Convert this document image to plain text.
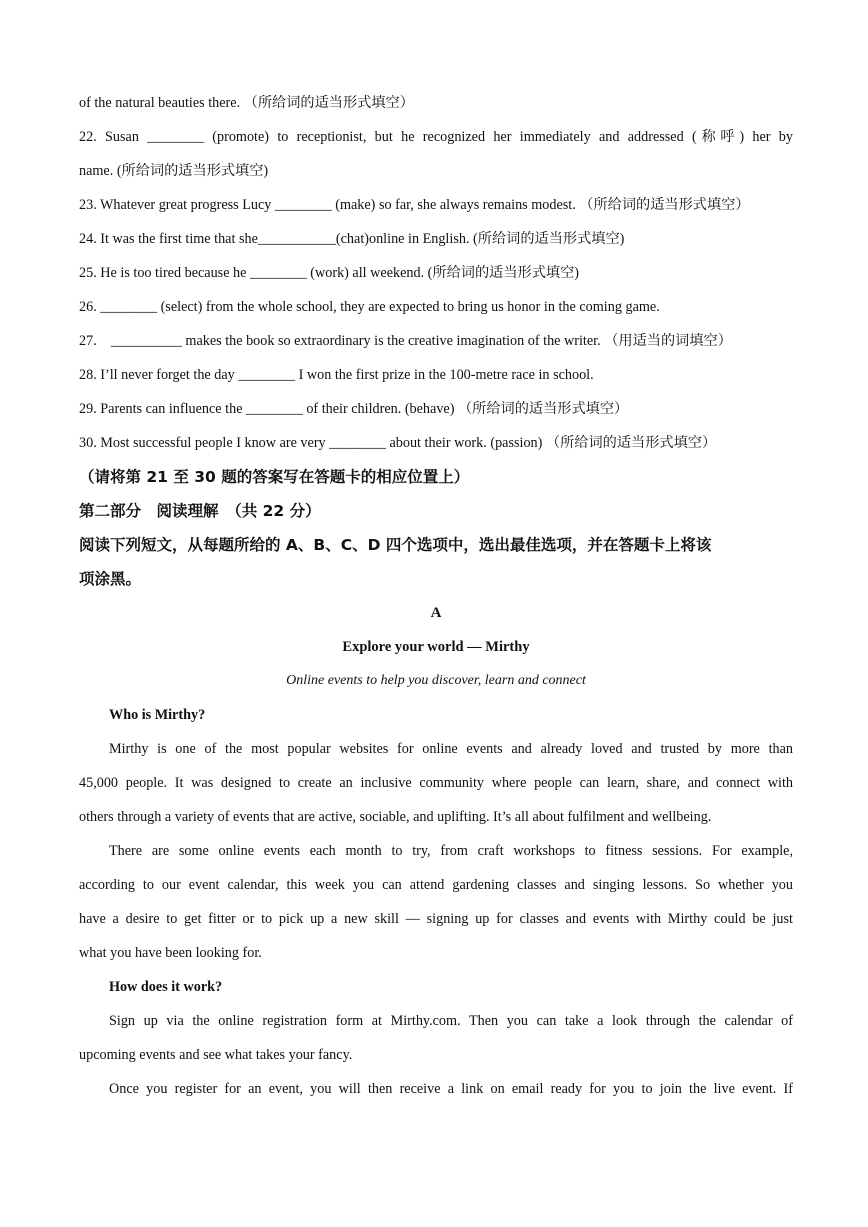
of the natural beauties there. （所给词的适当形式填空）
22. Susan ________ (promote) to receptionist, but he recognized her immediately and addressed (称呼) her by
name. (所给词的适当形式填空)
23. Whatever great progress Lucy ________ (make) so far, she always remains modest. （所给词的适当形式填空）
24. It was the first time that she___________(chat)online in English. (所给词的适当形式填空)
25. He is too tired because he ________ (work) all weekend. (所给词的适当形式填空)
26. ________ (select) from the whole school, they are expected to bring us honor in the coming game.
27.    __________ makes the book so extraordinary is the creative imagination of the writer. （用适当的词填空）
28. I’ll never forget the day ________ I won the first prize in the 100-metre race in school.
29. Parents can influence the ________ of their children. (behave) （所给词的适当形式填空）
30. Most successful people I know are very ________ about their work. (passion) （所给词的适当形式填空）
（请将第 21 至 30 题的答案写在答题卡的相应位置上）
第二部分　阅读理解　（共 22 分）
阅读下列短文，从每题所给的 A、B、C、D 四个选项中，选出最佳选项，并在答题卡上将该
项涂黑。
A
Explore your world — Mirthy
Online events to help you discover, learn and connect
Who is Mirthy?
Mirthy is one of the most popular websites for online events and already loved and trusted by more than
45,000 people. It was designed to create an inclusive community where people can learn, share, and connect with
others through a variety of events that are active, sociable, and uplifting. It’s all about fulfilment and wellbeing.
There are some online events each month to try, from craft workshops to fitness sessions. For example,
according to our event calendar, this week you can attend gardening classes and singing lessons. So whether you
have a desire to get fitter or to pick up a new skill — signing up for classes and events with Mirthy could be just
what you have been looking for.
How does it work?
Sign up via the online registration form at Mirthy.com. Then you can take a look through the calendar of
upcoming events and see what takes your fancy.
Once you register for an event, you will then receive a link on email ready for you to join the live event. If
